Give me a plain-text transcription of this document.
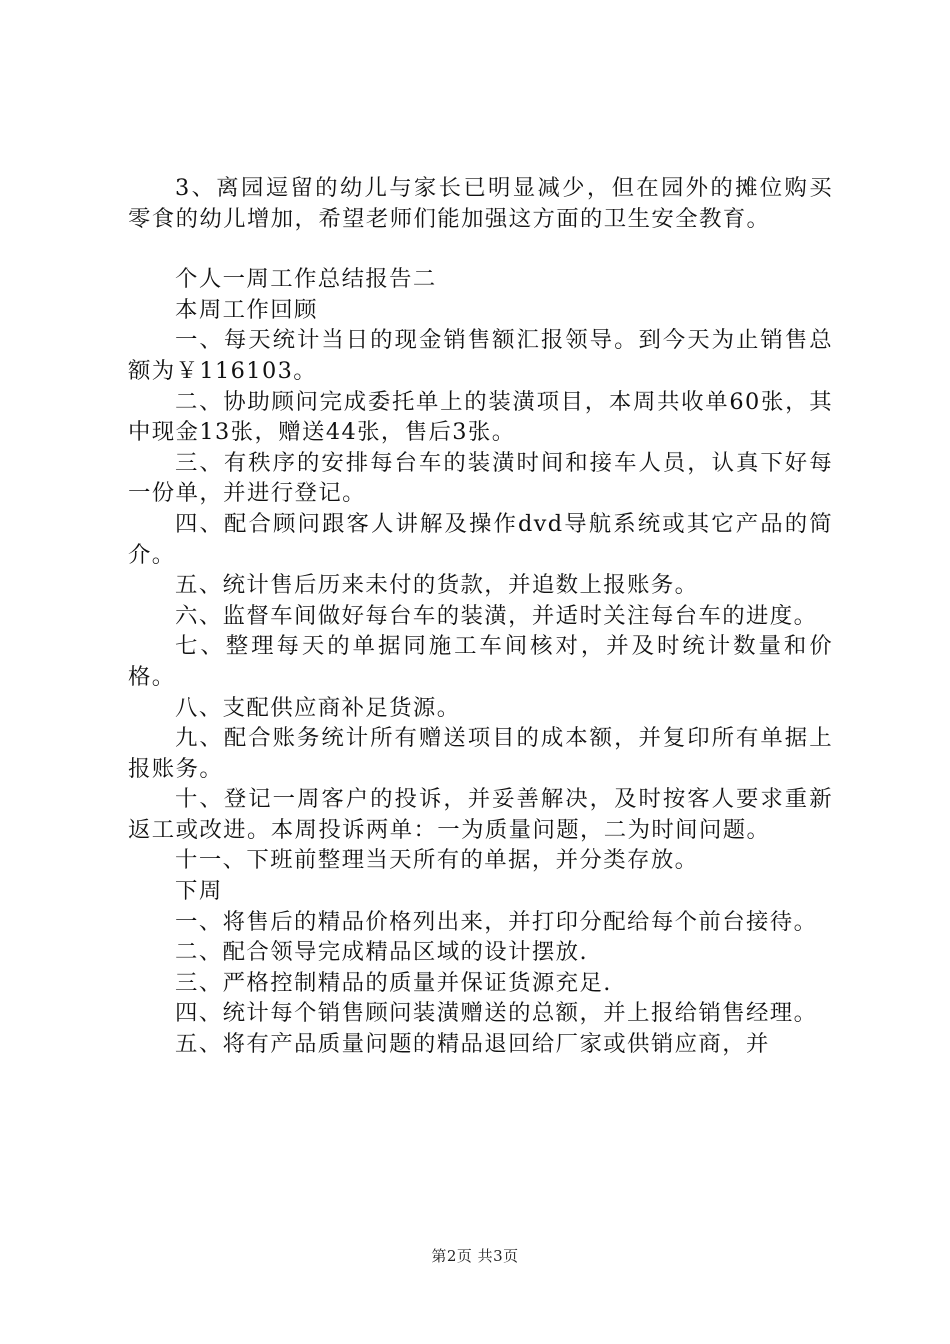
3、离园逗留的幼儿与家长已明显减少，但在园外的摊位购买零食的幼儿增加，希望老师们能加强这方面的卫生安全教育。

个人一周工作总结报告二

本周工作回顾

一、每天统计当日的现金销售额汇报领导。到今天为止销售总额为￥116103。

二、协助顾问完成委托单上的装潢项目，本周共收单60张，其中现金13张，赠送44张，售后3张。

三、有秩序的安排每台车的装潢时间和接车人员，认真下好每一份单，并进行登记。

四、配合顾问跟客人讲解及操作dvd导航系统或其它产品的简介。

五、统计售后历来未付的货款，并追数上报账务。

六、监督车间做好每台车的装潢，并适时关注每台车的进度。

七、整理每天的单据同施工车间核对，并及时统计数量和价格。

八、支配供应商补足货源。

九、配合账务统计所有赠送项目的成本额，并复印所有单据上报账务。

十、登记一周客户的投诉，并妥善解决，及时按客人要求重新返工或改进。本周投诉两单：一为质量问题，二为时间问题。

十一、下班前整理当天所有的单据，并分类存放。

下周

一、将售后的精品价格列出来，并打印分配给每个前台接待。

二、配合领导完成精品区域的设计摆放.

三、严格控制精品的质量并保证货源充足.

四、统计每个销售顾问装潢赠送的总额，并上报给销售经理。

五、将有产品质量问题的精品退回给厂家或供销应商，并

第2页 共3页
